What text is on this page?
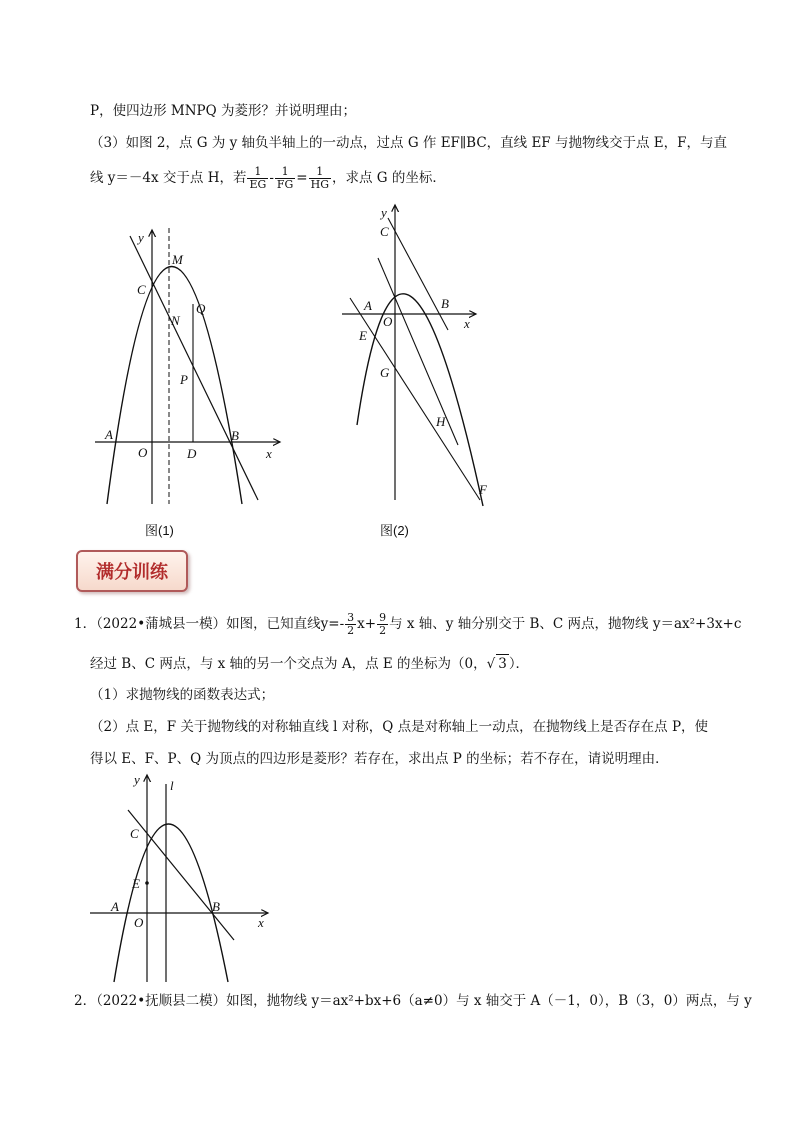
P，使四边形 MNPQ 为菱形？并说明理由；
（3）如图 2，点 G 为 y 轴负半轴上的一动点，过点 G 作 EF∥BC，直线 EF 与抛物线交于点 E，F，与直
线 y＝－4x 交于点 H，若 $\frac{1}{EG} - \frac{1}{FG} = \frac{1}{HG}$ ，求点 G 的坐标．
y
M
C
N
Q
P
A
O	D
B
x
图(1)
y
C
A	B
O	x
E
G
H
F
图(2)
满分训练
1．（2022•蒲城县一模）如图，已知直线$y=- \frac{3}{2} x+ \frac{9}{2}$ 与 x 轴、y 轴分别交于 B、C 两点，抛物线 y＝ax²+3x+c
经过 B、C 两点，与 x 轴的另一个交点为 A，点 E 的坐标为（0，√ 3 ）．
（1）求抛物线的函数表达式；
（2）点 E，F 关于抛物线的对称轴直线 l 对称，Q 点是对称轴上一动点，在抛物线上是否存在点 P，使
得以 E、F、P、Q 为顶点的四边形是菱形？若存在，求出点 P 的坐标；若不存在，请说明理由．
y l
C
E
A
O
B
x
2．（2022•抚顺县二模）如图，抛物线 y＝ax²+bx+6（a≠0）与 x 轴交于 A（－1，0），B（3，0）两点，与 y
